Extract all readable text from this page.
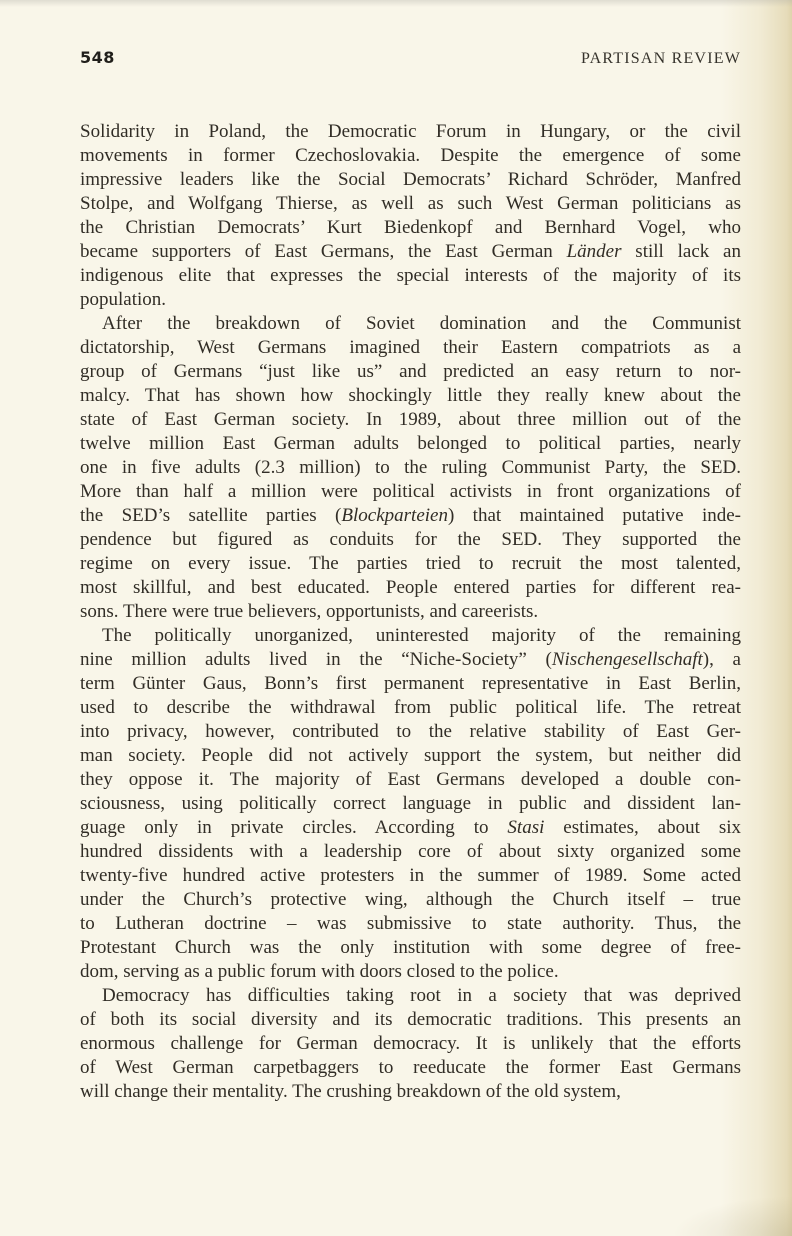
548	PARTISAN REVIEW
Solidarity in Poland, the Democratic Forum in Hungary, or the civil
movements in former Czechoslovakia. Despite the emergence of some
impressive leaders like the Social Democrats’ Richard Schröder, Manfred
Stolpe, and Wolfgang Thierse, as well as such West German politicians as
the Christian Democrats’ Kurt Biedenkopf and Bernhard Vogel, who
became supporters of East Germans, the East German Länder still lack an
indigenous elite that expresses the special interests of the majority of its
population.
After the breakdown of Soviet domination and the Communist
dictatorship, West Germans imagined their Eastern compatriots as a
group of Germans “just like us” and predicted an easy return to nor-
malcy. That has shown how shockingly little they really knew about the
state of East German society. In 1989, about three million out of the
twelve million East German adults belonged to political parties, nearly
one in five adults (2.3 million) to the ruling Communist Party, the SED.
More than half a million were political activists in front organizations of
the SED’s satellite parties (Blockparteien) that maintained putative inde-
pendence but figured as conduits for the SED. They supported the
regime on every issue. The parties tried to recruit the most talented,
most skillful, and best educated. People entered parties for different rea-
sons. There were true believers, opportunists, and careerists.
The politically unorganized, uninterested majority of the remaining
nine million adults lived in the “Niche-Society” (Nischengesellschaft), a
term Günter Gaus, Bonn’s first permanent representative in East Berlin,
used to describe the withdrawal from public political life. The retreat
into privacy, however, contributed to the relative stability of East Ger-
man society. People did not actively support the system, but neither did
they oppose it. The majority of East Germans developed a double con-
sciousness, using politically correct language in public and dissident lan-
guage only in private circles. According to Stasi estimates, about six
hundred dissidents with a leadership core of about sixty organized some
twenty-five hundred active protesters in the summer of 1989. Some acted
under the Church’s protective wing, although the Church itself – true
to Lutheran doctrine – was submissive to state authority. Thus, the
Protestant Church was the only institution with some degree of free-
dom, serving as a public forum with doors closed to the police.
Democracy has difficulties taking root in a society that was deprived
of both its social diversity and its democratic traditions. This presents an
enormous challenge for German democracy. It is unlikely that the efforts
of West German carpetbaggers to reeducate the former East Germans
will change their mentality. The crushing breakdown of the old system,
